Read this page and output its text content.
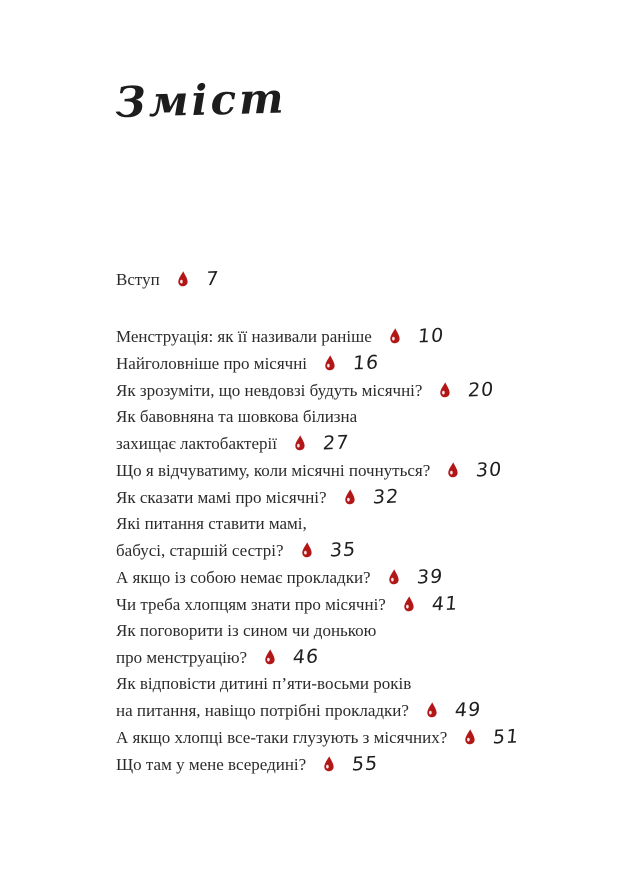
Зміст
Вступ 7
Менструація: як її називали раніше 10
Найголовніше про місячні 16
Як зрозуміти, що невдовзі будуть місячні? 20
Як бавовняна та шовкова білизна
захищає лактобактерії 27
Що я відчуватиму, коли місячні почнуться? 30
Як сказати мамі про місячні? 32
Які питання ставити мамі,
бабусі, старшій сестрі? 35
А якщо із собою немає прокладки? 39
Чи треба хлопцям знати про місячні? 41
Як поговорити із сином чи донькою
про менструацію? 46
Як відповісти дитині п’яти-восьми років
на питання, навіщо потрібні прокладки? 49
А якщо хлопці все-таки глузують з місячних? 51
Що там у мене всередині? 55
